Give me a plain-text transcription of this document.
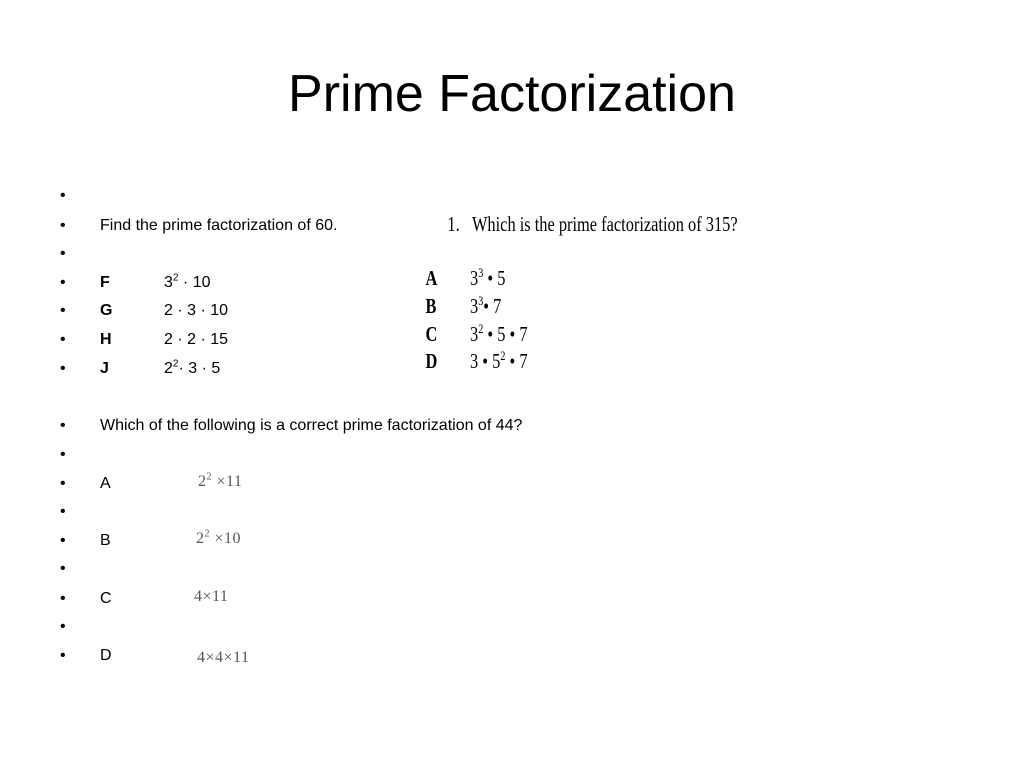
Prime Factorization
•
•	Find the prime factorization of 60.
•
•	F	$3^2 \cdot 10$
•	G	2 · 3 · 10
•	H	2 · 2 · 15
•	J	$2^2\cdot 3 \cdot 5$
•	Which of the following is a correct prime factorization of 44?
•
•	A	$2^2 \times 11$
•
•	B	$2^2 \times 10$
•
•	C	4×11
•
•	D	4×4×11
1. Which is the prime factorization of 315?
A $3^3$ • 5
B $3^3•$ 7
C $3^2$ • 5 • 7
D 3 • $5^2$ • 7
